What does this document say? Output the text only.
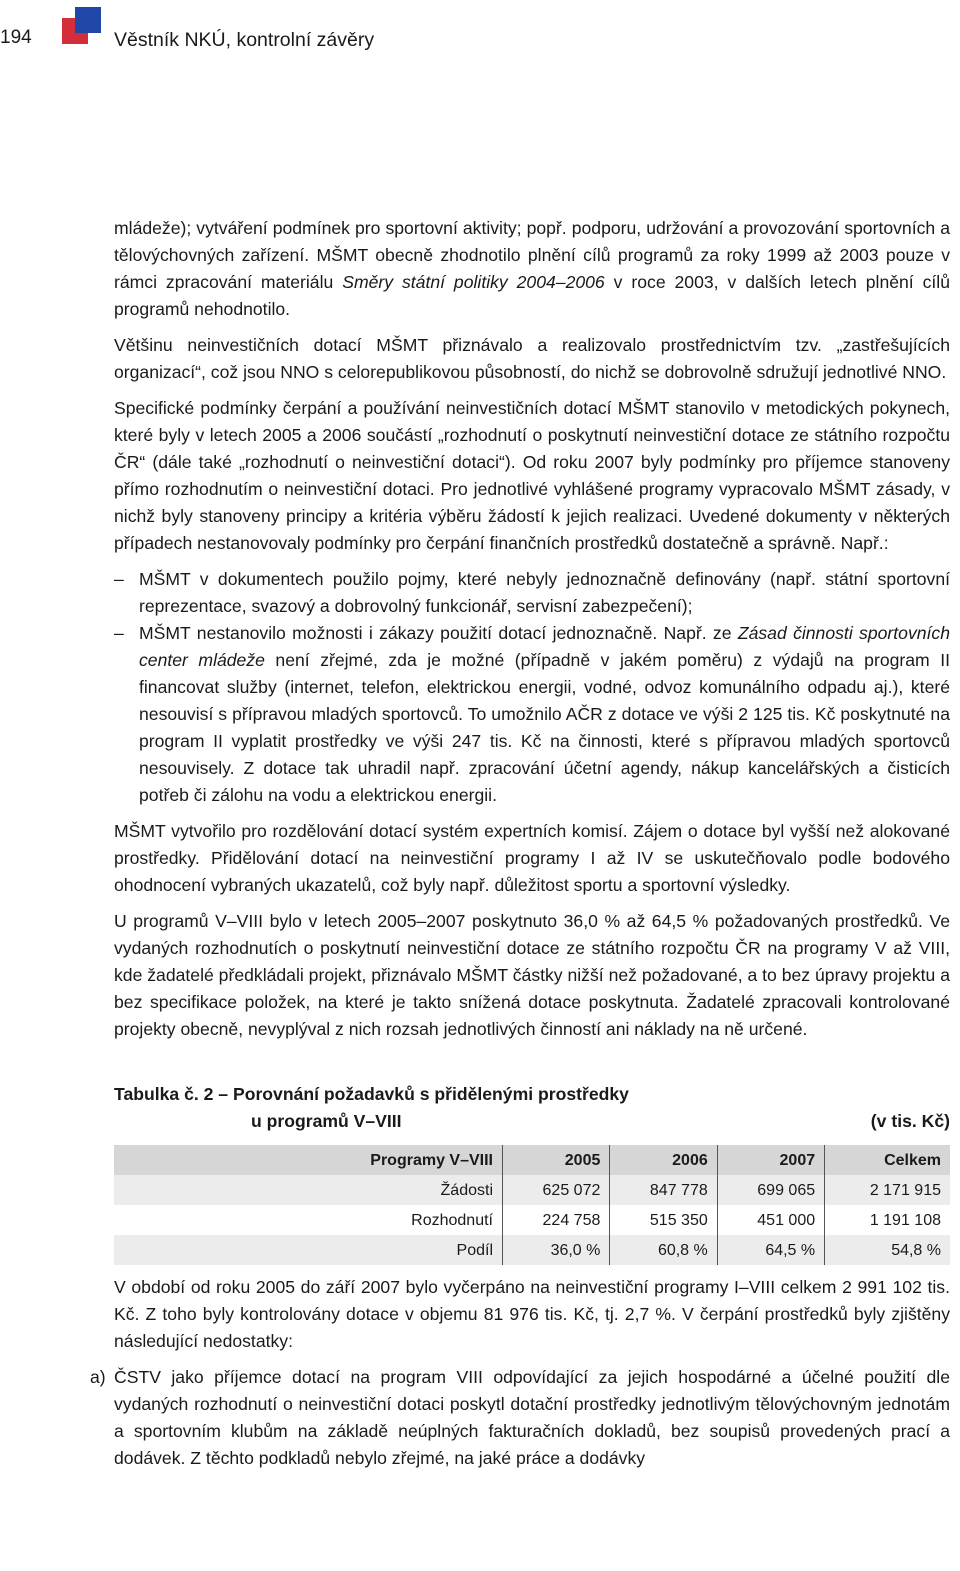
194	Věstník NKÚ, kontrolní závěry

mládeže); vytváření podmínek pro sportovní aktivity; popř. podporu, udržování a provozování sportovních a tělovýchovných zařízení. MŠMT obecně zhodnotilo plnění cílů programů za roky 1999 až 2003 pouze v rámci zpracování materiálu Směry státní politiky 2004–2006 v roce 2003, v dalších letech plnění cílů programů nehodnotilo.

Většinu neinvestičních dotací MŠMT přiznávalo a realizovalo prostřednictvím tzv. „zastřešujících organizací“, což jsou NNO s celorepublikovou působností, do nichž se dobrovolně sdružují jednotlivé NNO.

Specifické podmínky čerpání a používání neinvestičních dotací MŠMT stanovilo v metodických pokynech, které byly v letech 2005 a 2006 součástí „rozhodnutí o poskytnutí neinvestiční dotace ze státního rozpočtu ČR“ (dále také „rozhodnutí o neinvestiční dotaci“). Od roku 2007 byly podmínky pro příjemce stanoveny přímo rozhodnutím o neinvestiční dotaci. Pro jednotlivé vyhlášené programy vypracovalo MŠMT zásady, v nichž byly stanoveny principy a kritéria výběru žádostí k jejich realizaci. Uvedené dokumenty v některých případech nestanovovaly podmínky pro čerpání finančních prostředků dostatečně a správně. Např.:

– MŠMT v dokumentech použilo pojmy, které nebyly jednoznačně definovány (např. státní sportovní reprezentace, svazový a dobrovolný funkcionář, servisní zabezpečení);
– MŠMT nestanovilo možnosti i zákazy použití dotací jednoznačně. Např. ze Zásad činnosti sportovních center mládeže není zřejmé, zda je možné (případně v jakém poměru) z výdajů na program II financovat služby (internet, telefon, elektrickou energii, vodné, odvoz komunálního odpadu aj.), které nesouvisí s přípravou mladých sportovců. To umožnilo AČR z dotace ve výši 2 125 tis. Kč poskytnuté na program II vyplatit prostředky ve výši 247 tis. Kč na činnosti, které s přípravou mladých sportovců nesouvisely. Z dotace tak uhradil např. zpracování účetní agendy, nákup kancelářských a čisticích potřeb či zálohu na vodu a elektrickou energii.

MŠMT vytvořilo pro rozdělování dotací systém expertních komisí. Zájem o dotace byl vyšší než alokované prostředky. Přidělování dotací na neinvestiční programy I až IV se uskutečňovalo podle bodového ohodnocení vybraných ukazatelů, což byly např. důležitost sportu a sportovní výsledky.

U programů V–VIII bylo v letech 2005–2007 poskytnuto 36,0 % až 64,5 % požadovaných prostředků. Ve vydaných rozhodnutích o poskytnutí neinvestiční dotace ze státního rozpočtu ČR na programy V až VIII, kde žadatelé předkládali projekt, přiznávalo MŠMT částky nižší než požadované, a to bez úpravy projektu a bez specifikace položek, na které je takto snížená dotace poskytnuta. Žadatelé zpracovali kontrolované projekty obecně, nevyplýval z nich rozsah jednotlivých činností ani náklady na ně určené.

Tabulka č. 2 – Porovnání požadavků s přidělenými prostředky
u programů V–VIII	(v tis. Kč)
Programy V–VIII	2005	2006	2007	Celkem
Žádosti	625 072	847 778	699 065	2 171 915
Rozhodnutí	224 758	515 350	451 000	1 191 108
Podíl	36,0 %	60,8 %	64,5 %	54,8 %

V období od roku 2005 do září 2007 bylo vyčerpáno na neinvestiční programy I–VIII celkem 2 991 102 tis. Kč. Z toho byly kontrolovány dotace v objemu 81 976 tis. Kč, tj. 2,7 %. V čerpání prostředků byly zjištěny následující nedostatky:

a) ČSTV jako příjemce dotací na program VIII odpovídající za jejich hospodárné a účelné použití dle vydaných rozhodnutí o neinvestiční dotaci poskytl dotační prostředky jednotlivým tělovýchovným jednotám a sportovním klubům na základě neúplných fakturačních dokladů, bez soupisů provedených prací a dodávek. Z těchto podkladů nebylo zřejmé, na jaké práce a dodávky
